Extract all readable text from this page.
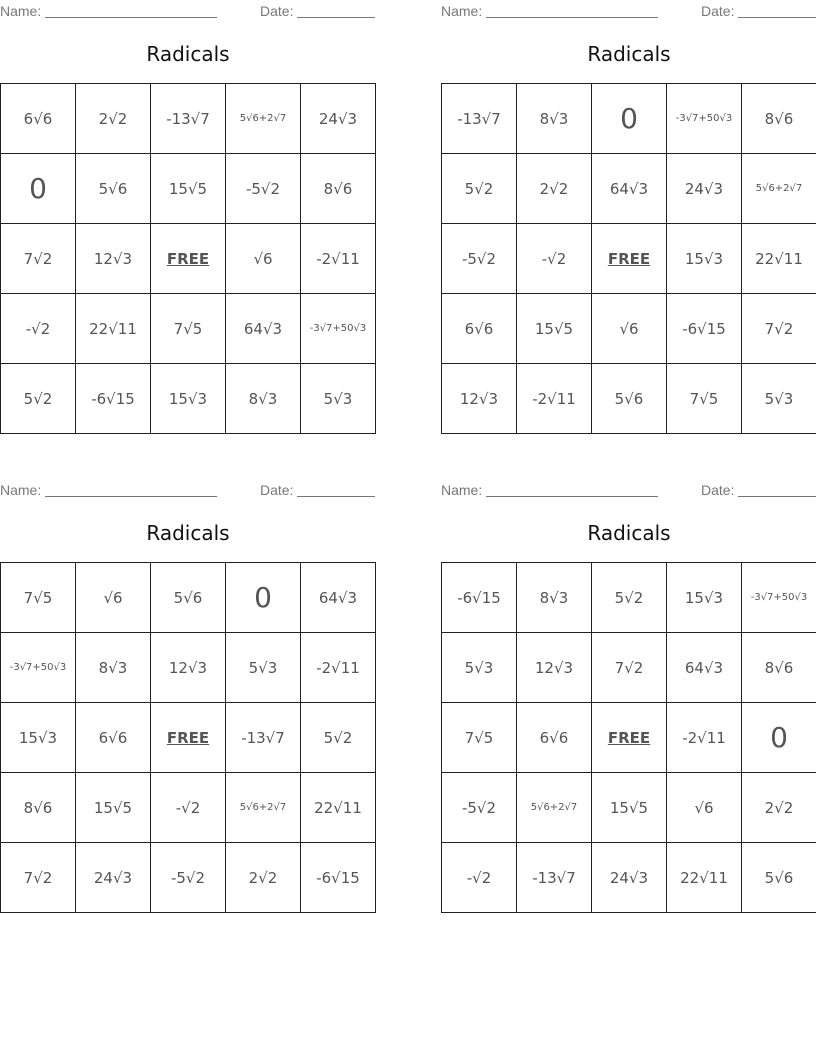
Name:	Date:
Radicals
6√6	2√2	-13√7	5√6+2√7	24√3
0	5√6	15√5	-5√2	8√6
7√2	12√3	FREE	√6	-2√11
-√2	22√11	7√5	64√3	-3√7+50√3
5√2	-6√15	15√3	8√3	5√3
Name:	Date:
Radicals
-13√7	8√3	0	-3√7+50√3	8√6
5√2	2√2	64√3	24√3	5√6+2√7
-5√2	-√2	FREE	15√3	22√11
6√6	15√5	√6	-6√15	7√2
12√3	-2√11	5√6	7√5	5√3
Name:	Date:
Radicals
7√5	√6	5√6	0	64√3
-3√7+50√3	8√3	12√3	5√3	-2√11
15√3	6√6	FREE	-13√7	5√2
8√6	15√5	-√2	5√6+2√7	22√11
7√2	24√3	-5√2	2√2	-6√15
Name:	Date:
Radicals
-6√15	8√3	5√2	15√3	-3√7+50√3
5√3	12√3	7√2	64√3	8√6
7√5	6√6	FREE	-2√11	0
-5√2	5√6+2√7	15√5	√6	2√2
-√2	-13√7	24√3	22√11	5√6
